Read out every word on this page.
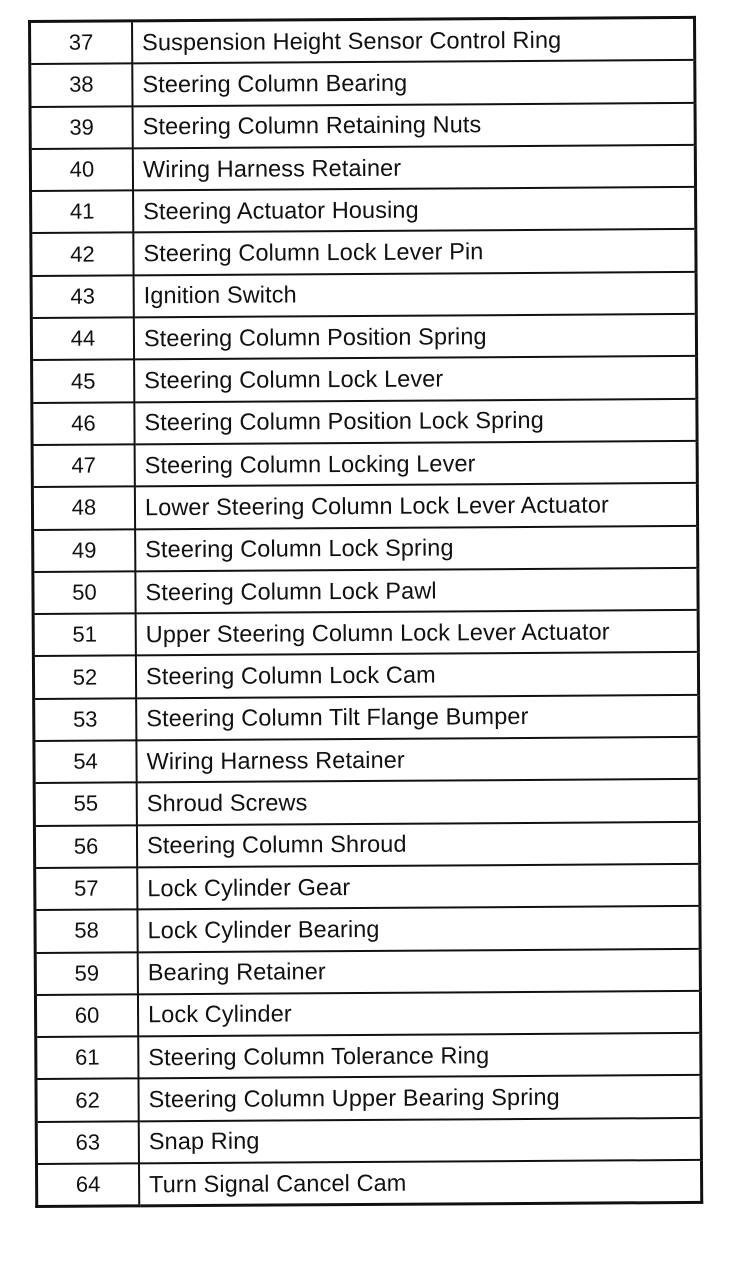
37	Suspension Height Sensor Control Ring
38	Steering Column Bearing
39	Steering Column Retaining Nuts
40	Wiring Harness Retainer
41	Steering Actuator Housing
42	Steering Column Lock Lever Pin
43	Ignition Switch
44	Steering Column Position Spring
45	Steering Column Lock Lever
46	Steering Column Position Lock Spring
47	Steering Column Locking Lever
48	Lower Steering Column Lock Lever Actuator
49	Steering Column Lock Spring
50	Steering Column Lock Pawl
51	Upper Steering Column Lock Lever Actuator
52	Steering Column Lock Cam
53	Steering Column Tilt Flange Bumper
54	Wiring Harness Retainer
55	Shroud Screws
56	Steering Column Shroud
57	Lock Cylinder Gear
58	Lock Cylinder Bearing
59	Bearing Retainer
60	Lock Cylinder
61	Steering Column Tolerance Ring
62	Steering Column Upper Bearing Spring
63	Snap Ring
64	Turn Signal Cancel Cam
